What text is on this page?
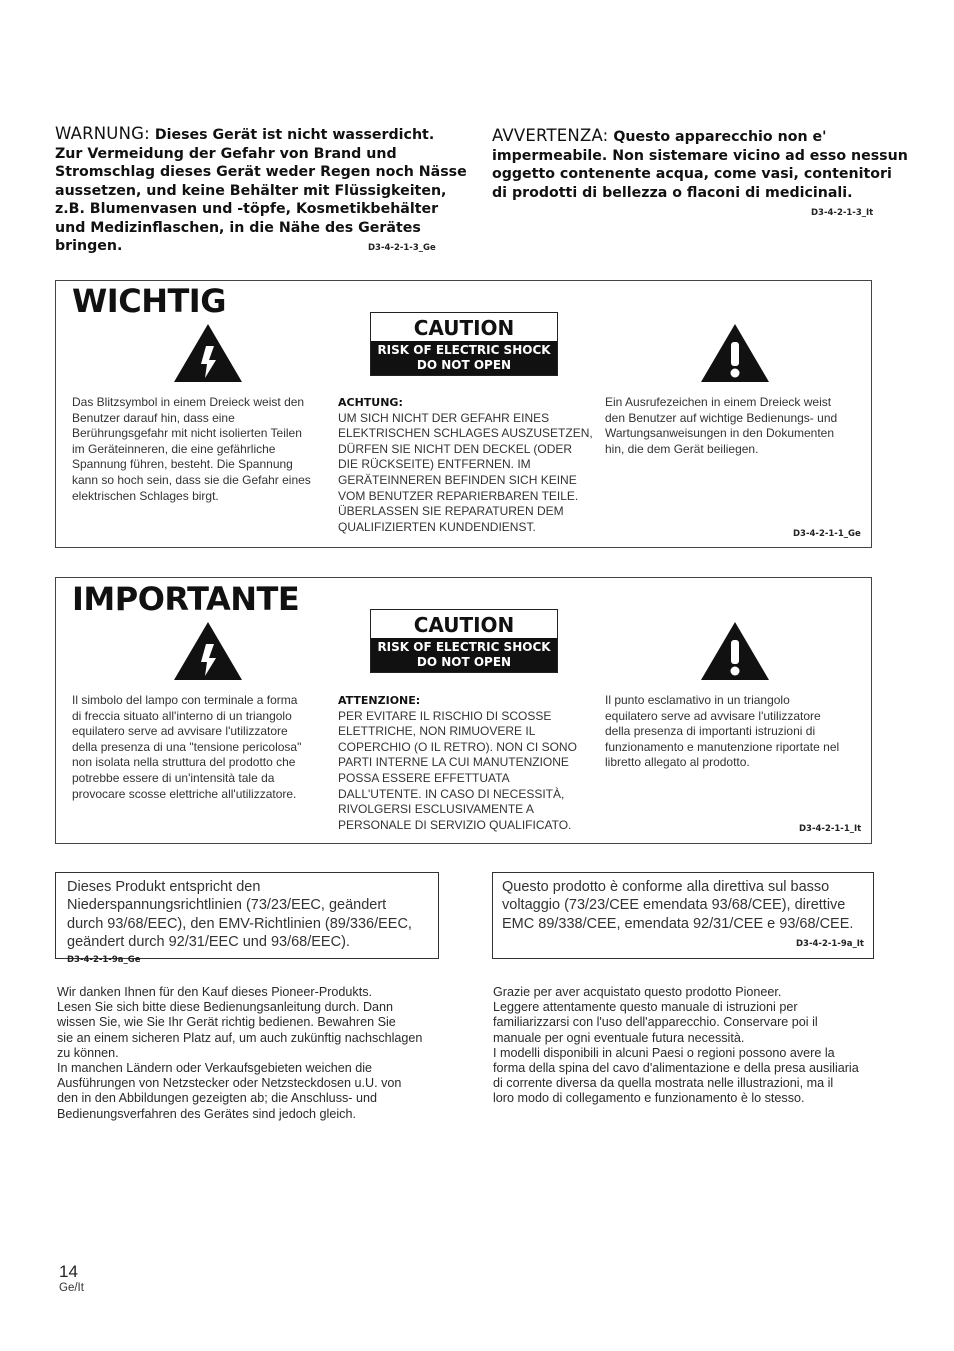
WARNUNG: Dieses Gerät ist nicht wasserdicht.
Zur Vermeidung der Gefahr von Brand und
Stromschlag dieses Gerät weder Regen noch Nässe
aussetzen, und keine Behälter mit Flüssigkeiten,
z.B. Blumenvasen und -töpfe, Kosmetikbehälter
und Medizinflaschen, in die Nähe des Gerätes
bringen.	D3-4-2-1-3_Ge
AVVERTENZA: Questo apparecchio non e'
impermeabile. Non sistemare vicino ad esso nessun
oggetto contenente acqua, come vasi, contenitori
di prodotti di bellezza o flaconi di medicinali.
D3-4-2-1-3_It
WICHTIG
CAUTION
RISK OF ELECTRIC SHOCK
DO NOT OPEN
Das Blitzsymbol in einem Dreieck weist den
Benutzer darauf hin, dass eine
Berührungsgefahr mit nicht isolierten Teilen
im Geräteinneren, die eine gefährliche
Spannung führen, besteht. Die Spannung
kann so hoch sein, dass sie die Gefahr eines
elektrischen Schlages birgt.
ACHTUNG:
UM SICH NICHT DER GEFAHR EINES
ELEKTRISCHEN SCHLAGES AUSZUSETZEN,
DÜRFEN SIE NICHT DEN DECKEL (ODER
DIE RÜCKSEITE) ENTFERNEN. IM
GERÄTEINNEREN BEFINDEN SICH KEINE
VOM BENUTZER REPARIERBAREN TEILE.
ÜBERLASSEN SIE REPARATUREN DEM
QUALIFIZIERTEN KUNDENDIENST.
Ein Ausrufezeichen in einem Dreieck weist
den Benutzer auf wichtige Bedienungs- und
Wartungsanweisungen in den Dokumenten
hin, die dem Gerät beiliegen.
D3-4-2-1-1_Ge
IMPORTANTE
CAUTION
RISK OF ELECTRIC SHOCK
DO NOT OPEN
Il simbolo del lampo con terminale a forma
di freccia situato all'interno di un triangolo
equilatero serve ad avvisare l'utilizzatore
della presenza di una "tensione pericolosa"
non isolata nella struttura del prodotto che
potrebbe essere di un'intensità tale da
provocare scosse elettriche all'utilizzatore.
ATTENZIONE:
PER EVITARE IL RISCHIO DI SCOSSE
ELETTRICHE, NON RIMUOVERE IL
COPERCHIO (O IL RETRO). NON CI SONO
PARTI INTERNE LA CUI MANUTENZIONE
POSSA ESSERE EFFETTUATA
DALL'UTENTE. IN CASO DI NECESSITÀ,
RIVOLGERSI ESCLUSIVAMENTE A
PERSONALE DI SERVIZIO QUALIFICATO.
Il punto esclamativo in un triangolo
equilatero serve ad avvisare l'utilizzatore
della presenza di importanti istruzioni di
funzionamento e manutenzione riportate nel
libretto allegato al prodotto.
D3-4-2-1-1_It
Dieses Produkt entspricht den
Niederspannungsrichtlinien (73/23/EEC, geändert
durch 93/68/EEC), den EMV-Richtlinien (89/336/EEC,
geändert durch 92/31/EEC und 93/68/EEC).
D3-4-2-1-9a_Ge
Questo prodotto è conforme alla direttiva sul basso
voltaggio (73/23/CEE emendata 93/68/CEE), direttive
EMC 89/338/CEE, emendata 92/31/CEE e 93/68/CEE.
D3-4-2-1-9a_It
Wir danken Ihnen für den Kauf dieses Pioneer-Produkts.
Lesen Sie sich bitte diese Bedienungsanleitung durch. Dann
wissen Sie, wie Sie Ihr Gerät richtig bedienen. Bewahren Sie
sie an einem sicheren Platz auf, um auch zukünftig nachschlagen
zu können.
In manchen Ländern oder Verkaufsgebieten weichen die
Ausführungen von Netzstecker oder Netzsteckdosen u.U. von
den in den Abbildungen gezeigten ab; die Anschluss- und
Bedienungsverfahren des Gerätes sind jedoch gleich.
Grazie per aver acquistato questo prodotto Pioneer.
Leggere attentamente questo manuale di istruzioni per
familiarizzarsi con l'uso dell'apparecchio. Conservare poi il
manuale per ogni eventuale futura necessità.
I modelli disponibili in alcuni Paesi o regioni possono avere la
forma della spina del cavo d'alimentazione e della presa ausiliaria
di corrente diversa da quella mostrata nelle illustrazioni, ma il
loro modo di collegamento e funzionamento è lo stesso.
14
Ge/It
